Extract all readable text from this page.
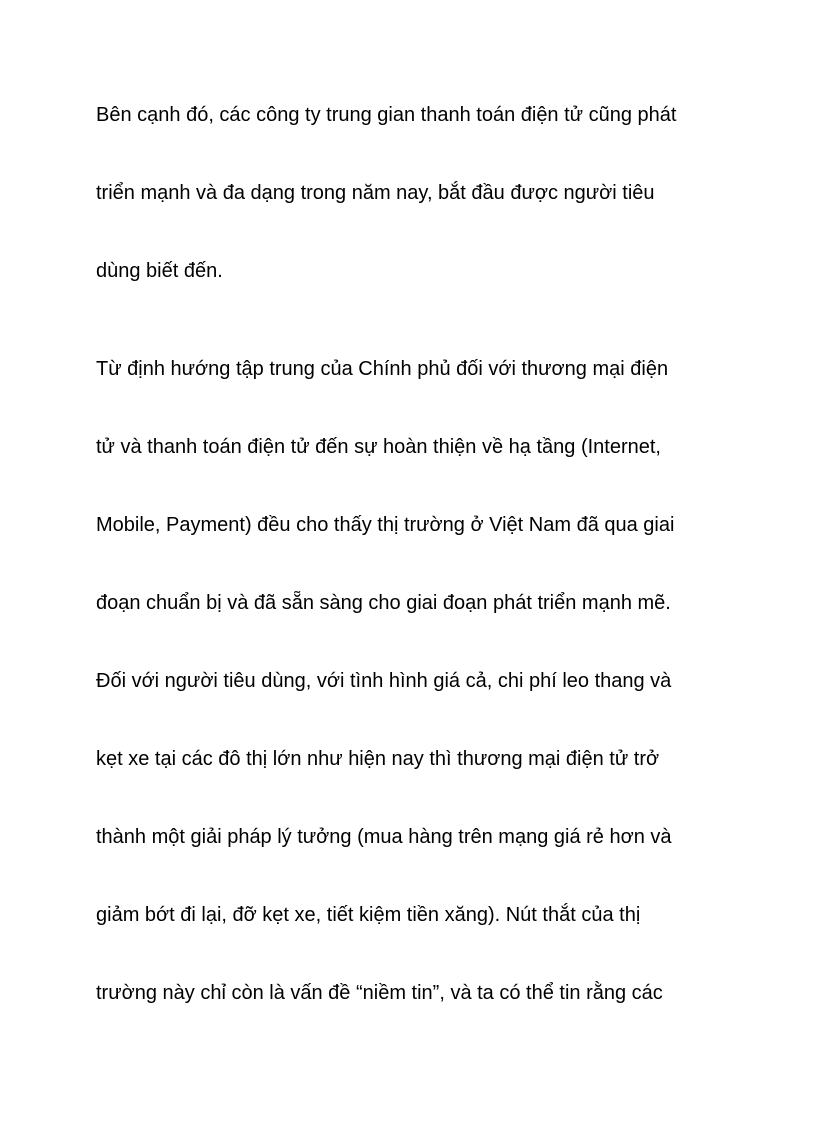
Bên cạnh đó, các công ty trung gian thanh toán điện tử cũng phát

triển mạnh và đa dạng trong năm nay, bắt đầu được người tiêu

dùng biết đến.

Từ định hướng tập trung của Chính phủ đối với thương mại điện

tử và thanh toán điện tử đến sự hoàn thiện về hạ tầng (Internet,

Mobile, Payment) đều cho thấy thị trường ở Việt Nam đã qua giai

đoạn chuẩn bị và đã sẵn sàng cho giai đoạn phát triển mạnh mẽ.

Đối với người tiêu dùng, với tình hình giá cả, chi phí leo thang và

kẹt xe tại các đô thị lớn như hiện nay thì thương mại điện tử trở

thành một giải pháp lý tưởng (mua hàng trên mạng giá rẻ hơn và

giảm bớt đi lại, đỡ kẹt xe, tiết kiệm tiền xăng). Nút thắt của thị

trường này chỉ còn là vấn đề “niềm tin”, và ta có thể tin rằng các
